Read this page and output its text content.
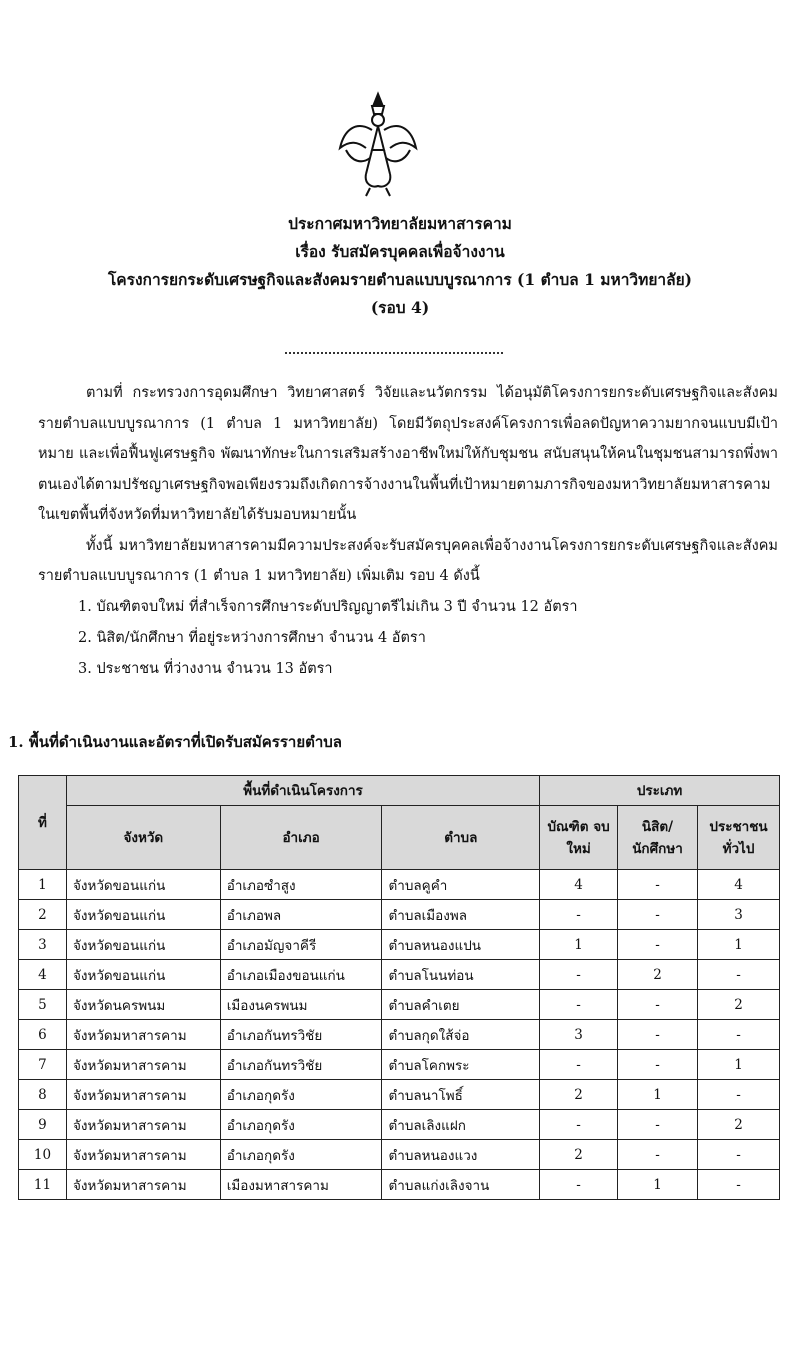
ประกาศมหาวิทยาลัยมหาสารคาม
เรื่อง รับสมัครบุคคลเพื่อจ้างงาน
โครงการยกระดับเศรษฐกิจและสังคมรายตำบลแบบบูรณาการ (1 ตำบล 1 มหาวิทยาลัย)
(รอบ 4)

ตามที่ กระทรวงการอุดมศึกษา วิทยาศาสตร์ วิจัยและนวัตกรรม ได้อนุมัติโครงการยกระดับเศรษฐกิจและสังคมรายตำบลแบบบูรณาการ (1 ตำบล 1 มหาวิทยาลัย) โดยมีวัตถุประสงค์โครงการเพื่อลดปัญหาความยากจนแบบมีเป้าหมาย และเพื่อฟื้นฟูเศรษฐกิจ พัฒนาทักษะในการเสริมสร้างอาชีพใหม่ให้กับชุมชน สนับสนุนให้คนในชุมชนสามารถพึ่งพาตนเองได้ตามปรัชญาเศรษฐกิจพอเพียงรวมถึงเกิดการจ้างงานในพื้นที่เป้าหมายตามภารกิจของมหาวิทยาลัยมหาสารคาม ในเขตพื้นที่จังหวัดที่มหาวิทยาลัยได้รับมอบหมายนั้น

ทั้งนี้ มหาวิทยาลัยมหาสารคามมีความประสงค์จะรับสมัครบุคคลเพื่อจ้างงานโครงการยกระดับเศรษฐกิจและสังคมรายตำบลแบบบูรณาการ (1 ตำบล 1 มหาวิทยาลัย) เพิ่มเติม รอบ 4 ดังนี้

1. บัณฑิตจบใหม่ ที่สำเร็จการศึกษาระดับปริญญาตรีไม่เกิน 3 ปี จำนวน 12 อัตรา
2. นิสิต/นักศึกษา ที่อยู่ระหว่างการศึกษา จำนวน 4 อัตรา
3. ประชาชน ที่ว่างงาน จำนวน 13 อัตรา
1. พื้นที่ดำเนินงานและอัตราที่เปิดรับสมัครรายตำบล
ที่	พื้นที่ดำเนินโครงการ			ประเภท		
	จังหวัด	อำเภอ	ตำบล	บัณฑิต จบใหม่	นิสิต/ นักศึกษา	ประชาชน ทั่วไป
1	จังหวัดขอนแก่น	อำเภอซำสูง	ตำบลคูคำ	4	-	4
2	จังหวัดขอนแก่น	อำเภอพล	ตำบลเมืองพล	-	-	3
3	จังหวัดขอนแก่น	อำเภอมัญจาคีรี	ตำบลหนองแปน	1	-	1
4	จังหวัดขอนแก่น	อำเภอเมืองขอนแก่น	ตำบลโนนท่อน	-	2	-
5	จังหวัดนครพนม	เมืองนครพนม	ตำบลคำเตย	-	-	2
6	จังหวัดมหาสารคาม	อำเภอกันทรวิชัย	ตำบลกุดใส้จ่อ	3	-	-
7	จังหวัดมหาสารคาม	อำเภอกันทรวิชัย	ตำบลโคกพระ	-	-	1
8	จังหวัดมหาสารคาม	อำเภอกุดรัง	ตำบลนาโพธิ์	2	1	-
9	จังหวัดมหาสารคาม	อำเภอกุดรัง	ตำบลเลิงแฝก	-	-	2
10	จังหวัดมหาสารคาม	อำเภอกุดรัง	ตำบลหนองแวง	2	-	-
11	จังหวัดมหาสารคาม	เมืองมหาสารคาม	ตำบลแก่งเลิงจาน	-	1	-
